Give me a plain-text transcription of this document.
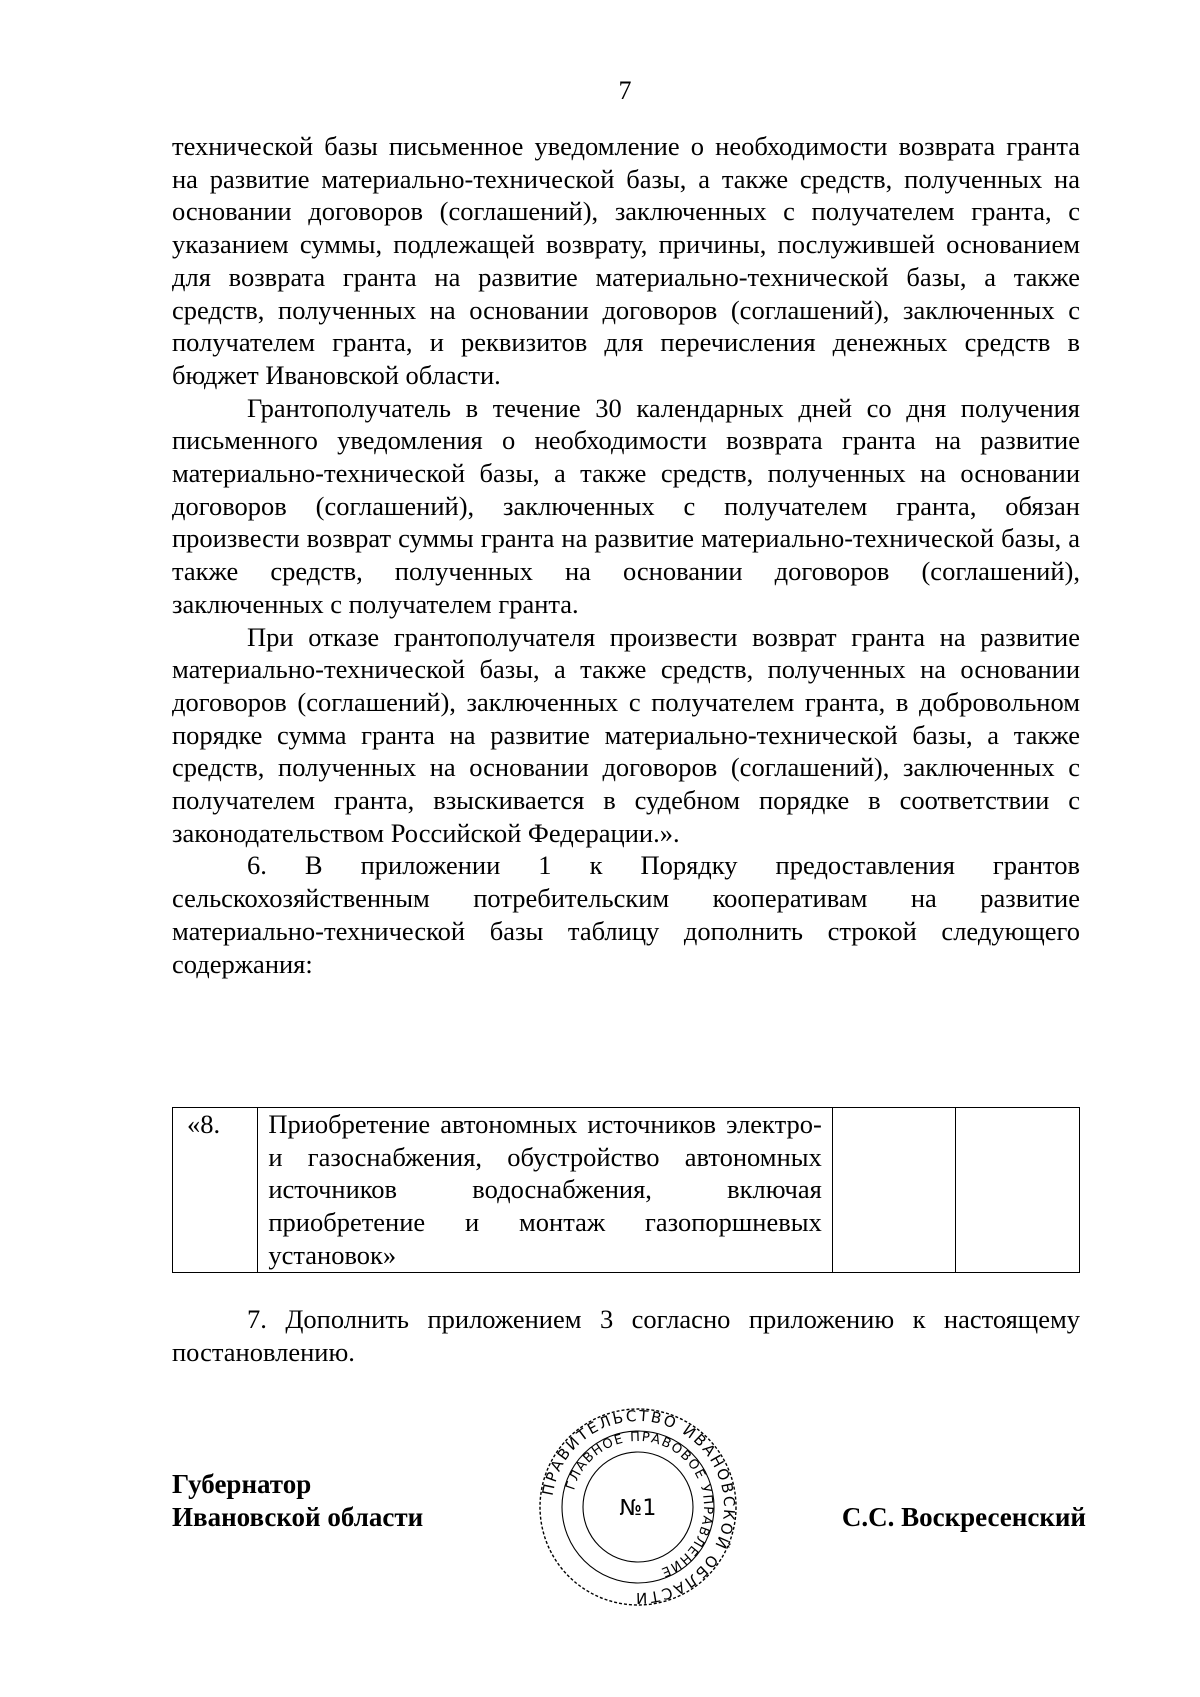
7

технической базы письменное уведомление о необходимости возврата гранта на развитие материально-технической базы, а также средств, полученных на основании договоров (соглашений), заключенных с получателем гранта, с указанием суммы, подлежащей возврату, причины, послужившей основанием для возврата гранта на развитие материально-технической базы, а также средств, полученных на основании договоров (соглашений), заключенных с получателем гранта, и реквизитов для перечисления денежных средств в бюджет Ивановской области.

Грантополучатель в течение 30 календарных дней со дня получения письменного уведомления о необходимости возврата гранта на развитие материально-технической базы, а также средств, полученных на основании договоров (соглашений), заключенных с получателем гранта, обязан произвести возврат суммы гранта на развитие материально-технической базы, а также средств, полученных на основании договоров (соглашений), заключенных с получателем гранта.

При отказе грантополучателя произвести возврат гранта на развитие материально-технической базы, а также средств, полученных на основании договоров (соглашений), заключенных с получателем гранта, в добровольном порядке сумма гранта на развитие материально-технической базы, а также средств, полученных на основании договоров (соглашений), заключенных с получателем гранта, взыскивается в судебном порядке в соответствии с законодательством Российской Федерации.».

6. В приложении 1 к Порядку предоставления грантов сельскохозяйственным потребительским кооперативам на развитие материально-технической базы таблицу дополнить строкой следующего содержания:

«8.	Приобретение автономных источников электро- и газоснабжения, обустройство автономных источников водоснабжения, включая приобретение и монтаж газопоршневых установок»		

7. Дополнить приложением 3 согласно приложению к настоящему постановлению.

Губернатор
Ивановской области	С.С. Воскресенский
ПРАВИТЕЛЬСТВО ИВАНОВСКОЙ ОБЛАСТИ
ГЛАВНОЕ ПРАВОВОЕ УПРАВЛЕНИЕ
№1
